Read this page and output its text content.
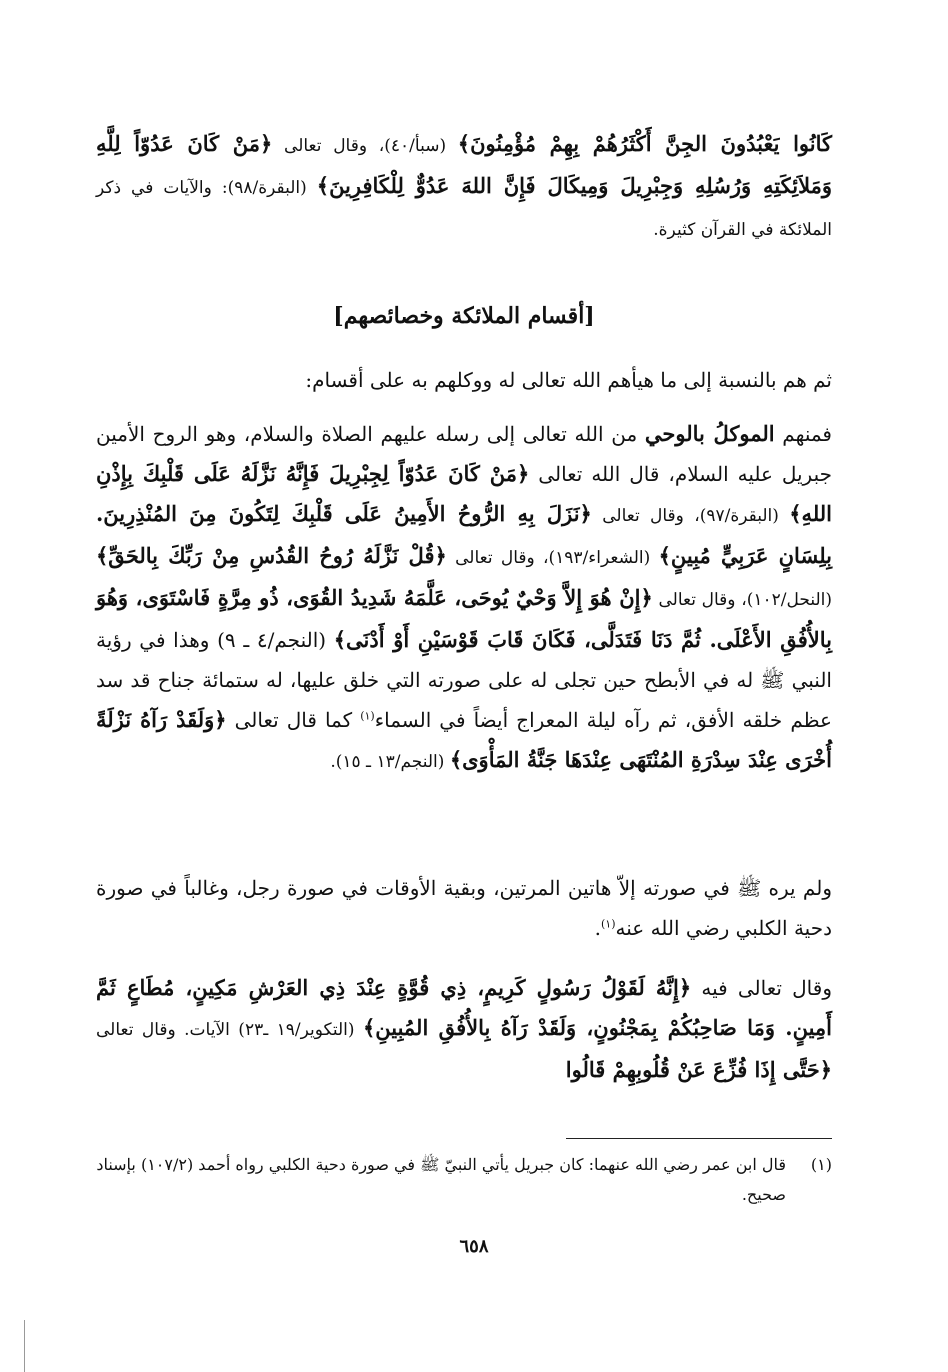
كَانُوا يَعْبُدُونَ الجِنَّ أَكْثَرُهُمْ بِهِمْ مُؤْمِنُونَ﴾ (سبأ/٤٠)، وقال تعالى ﴿مَنْ كَانَ عَدُوّاً لِلَّهِ وَمَلاَئِكَتِهِ وَرُسُلِهِ وَجِبْرِيلَ وَمِيكَالَ فَإِنَّ اللهَ عَدُوٌّ لِلْكَافِرِينَ﴾ (البقرة/٩٨): والآيات في ذكر الملائكة في القرآن كثيرة.

[أقسام الملائكة وخصائصهم]

ثم هم بالنسبة إلى ما هيأهم الله تعالى له ووكلهم به على أقسام:

فمنهم الموكلُ بالوحي من الله تعالى إلى رسله عليهم الصلاة والسلام، وهو الروح الأمين جبريل عليه السلام، قال الله تعالى ﴿مَنْ كَانَ عَدُوّاً لِجِبْرِيلَ فَإِنَّهُ نَزَّلَهُ عَلَى قَلْبِكَ بِإِذْنِ اللهِ﴾ (البقرة/٩٧)، وقال تعالى ﴿نَزَلَ بِهِ الرُّوحُ الأَمِينُ عَلَى قَلْبِكَ لِتَكُونَ مِنَ المُنْذِرِينَ. بِلِسَانٍ عَرَبِيٍّ مُبِينٍ﴾ (الشعراء/١٩٣)، وقال تعالى ﴿قُلْ نَزَّلَهُ رُوحُ القُدُسِ مِنْ رَبِّكَ بِالحَقِّ﴾ (النحل/١٠٢)، وقال تعالى ﴿إِنْ هُوَ إِلاَّ وَحْيٌ يُوحَى، عَلَّمَهُ شَدِيدُ القُوَى، ذُو مِرَّةٍ فَاسْتَوَى، وَهُوَ بِالأُفُقِ الأَعْلَى. ثُمَّ دَنَا فَتَدَلَّى، فَكَانَ قَابَ قَوْسَيْنِ أَوْ أَدْنَى﴾ (النجم/٤ ـ ٩) وهذا في رؤية النبي ﷺ له في الأبطح حين تجلى له على صورته التي خلق عليها، له ستمائة جناح قد سد عظم خلقه الأفق، ثم رآه ليلة المعراج أيضاً في السماء$^{(١)}$ كما قال تعالى ﴿وَلَقَدْ رَآهُ نَزْلَةً أُخْرَى عِنْدَ سِدْرَةِ المُنْتَهَى عِنْدَهَا جَنَّةُ المَأْوَى﴾ (النجم/١٣ ـ ١٥).

ولم يره ﷺ في صورته إلاّ هاتين المرتين، وبقية الأوقات في صورة رجل، وغالباً في صورة دحية الكلبي رضي الله عنه$^{(١)}$.

وقال تعالى فيه ﴿إِنَّهُ لَقَوْلُ رَسُولٍ كَرِيمٍ، ذِي قُوَّةٍ عِنْدَ ذِي العَرْشِ مَكِينٍ، مُطَاعٍ ثَمَّ أَمِينٍ. وَمَا صَاحِبُكُمْ بِمَجْنُونٍ، وَلَقَدْ رَآهُ بِالأُفُقِ المُبِينِ﴾ (التكوير/١٩ ـ٢٣) الآيات. وقال تعالى ﴿حَتَّى إِذَا فُزِّعَ عَنْ قُلُوبِهِمْ قَالُوا

(١)
قال ابن عمر رضي الله عنهما: كان جبريل يأتي النبيّ ﷺ في صورة دحية الكلبي رواه أحمد (١٠٧/٢) بإسناد صحيح.
٦٥٨
